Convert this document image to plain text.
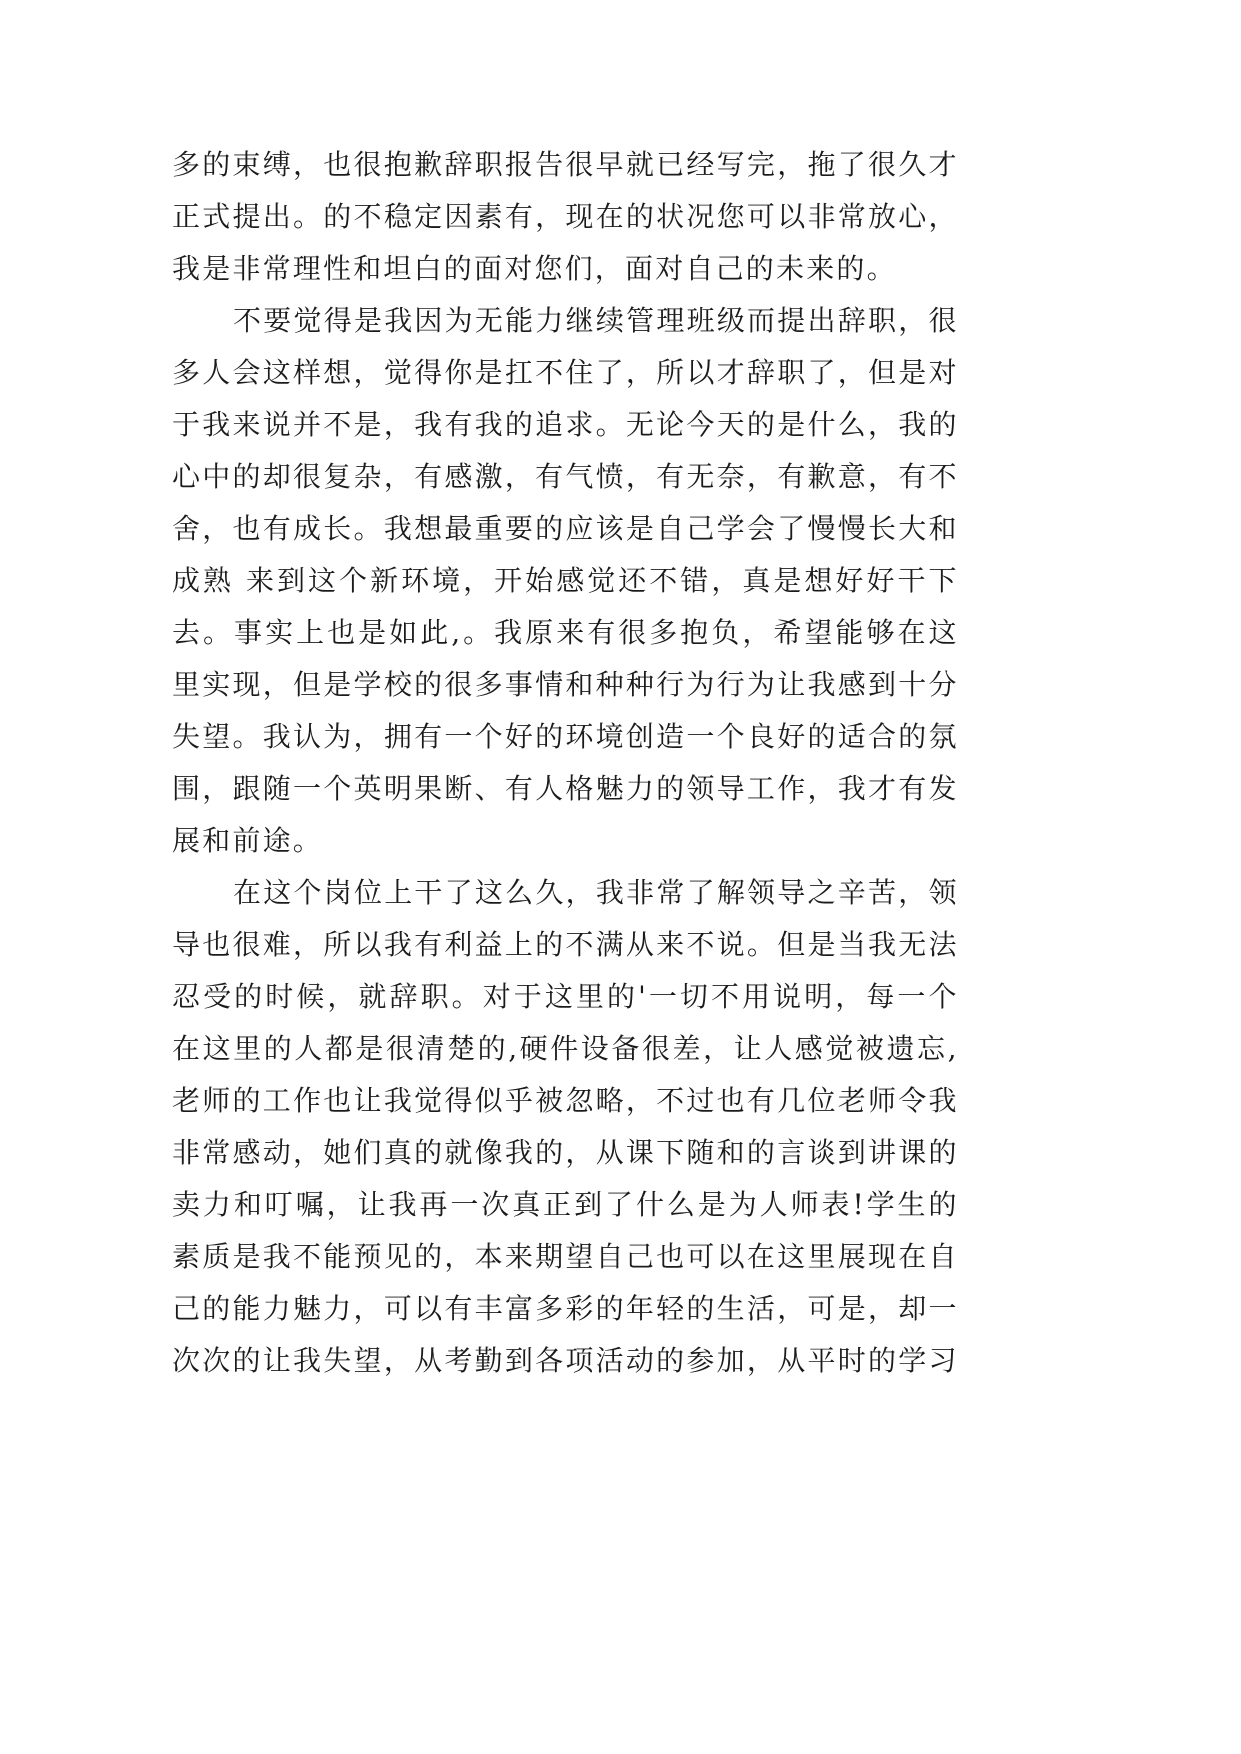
多的束缚，也很抱歉辞职报告很早就已经写完，拖了很久才
正式提出。的不稳定因素有，现在的状况您可以非常放心，
我是非常理性和坦白的面对您们，面对自己的未来的。
不要觉得是我因为无能力继续管理班级而提出辞职，很
多人会这样想，觉得你是扛不住了，所以才辞职了，但是对
于我来说并不是，我有我的追求。无论今天的是什么，我的
心中的却很复杂，有感激，有气愤，有无奈，有歉意，有不
舍，也有成长。我想最重要的应该是自己学会了慢慢长大和
成熟 来到这个新环境，开始感觉还不错，真是想好好干下
去。事实上也是如此,。我原来有很多抱负，希望能够在这
里实现，但是学校的很多事情和种种行为行为让我感到十分
失望。我认为，拥有一个好的环境创造一个良好的适合的氛
围，跟随一个英明果断、有人格魅力的领导工作，我才有发
展和前途。
在这个岗位上干了这么久，我非常了解领导之辛苦，领
导也很难，所以我有利益上的不满从来不说。但是当我无法
忍受的时候，就辞职。对于这里的'一切不用说明，每一个
在这里的人都是很清楚的,硬件设备很差，让人感觉被遗忘,
老师的工作也让我觉得似乎被忽略，不过也有几位老师令我
非常感动，她们真的就像我的，从课下随和的言谈到讲课的
卖力和叮嘱，让我再一次真正到了什么是为人师表!学生的
素质是我不能预见的，本来期望自己也可以在这里展现在自
己的能力魅力，可以有丰富多彩的年轻的生活，可是，却一
次次的让我失望，从考勤到各项活动的参加，从平时的学习
